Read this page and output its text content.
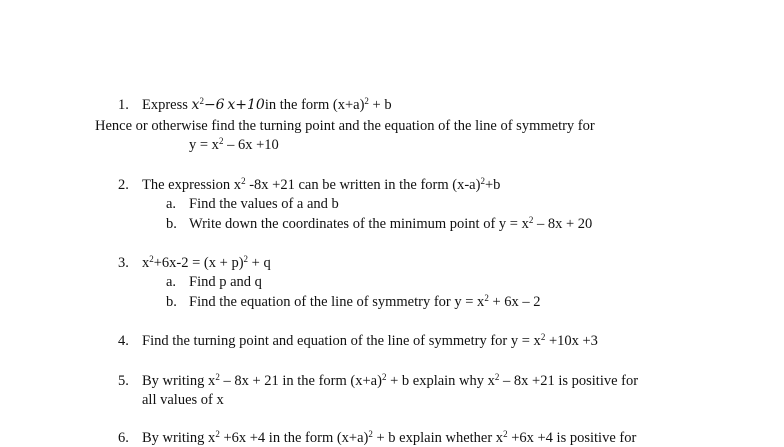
1. Express $x^2-6$ x+10in the form $(x+a)^2 + b$
Hence or otherwise find the turning point and the equation of the line of symmetry for
$y = x^2 - 6x +10$
2. The expression $x^2$ -8x +21 can be written in the form $(x-a)^2+b$
a. Find the values of a and b
b. Write down the coordinates of the minimum point of $y = x^2 - 8x + 20$
3. $x^2+6x-2 = (x + p)^2 + q$
a. Find p and q
b. Find the equation of the line of symmetry for $y = x^2 + 6x - 2$
4. Find the turning point and equation of the line of symmetry for $y = x^2 +10x +3$
5. By writing $x^2 - 8x + 21$ in the form $(x+a)^2 + b$ explain why $x^2 - 8x +21$ is positive for
all values of x
6. By writing $x^2 +6x +4$ in the form $(x+a)^2 + b$ explain whether $x^2 +6x +4$ is positive for
